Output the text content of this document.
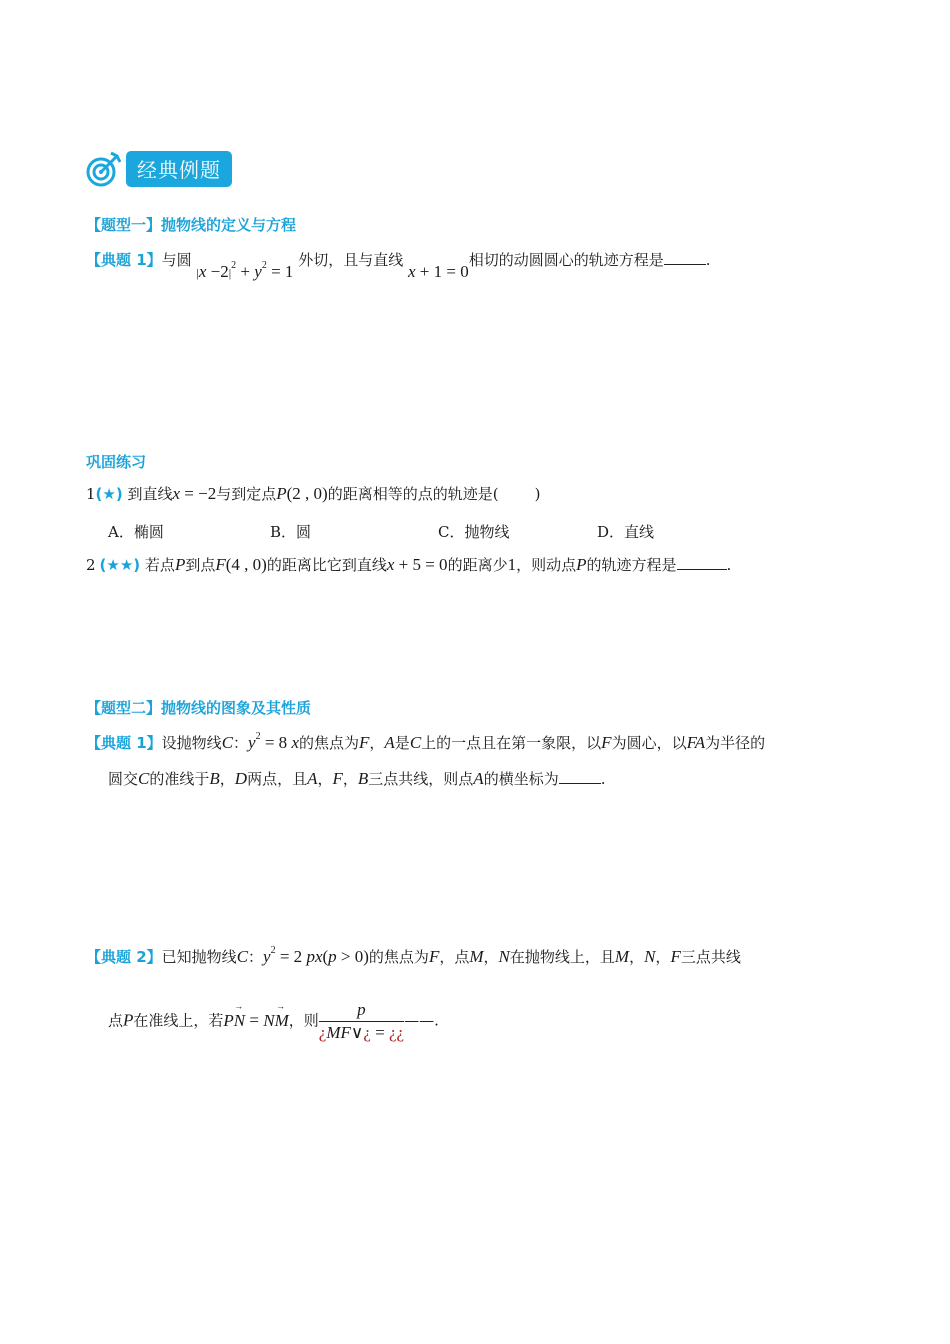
经典例题
【题型一】抛物线的定义与方程
【典题 1】与圆 $|x -2|^2 + y^2 = 1$ 外切，且与直线 x + 1 = 0相切的动圆圆心的轨迹方程是	.
巩固练习
1(★) 到直线x = −2与到定点P(2 , 0)的距离相等的点的轨迹是( )
A．椭圆	B．圆	C．抛物线	D．直线
2 (★★) 若点P到点F(4 , 0)的距离比它到直线x + 5 = 0的距离少1，则动点P的轨迹方程是	.
【题型二】抛物线的图象及其性质
【典题 1】设抛物线C：$y^2 = 8$ x的焦点为F，A是C上的一点且在第一象限，以F为圆心，以FA为半径的
圆交C的准线于B，D两点，且A，F，B三点共线，则点A的横坐标为	.
【典题 2】已知抛物线C：$y^2 = 2$ px(p > 0)的焦点为F，点M，N在抛物线上，且M，N，F三点共线
点P在准线上，若
→
PN =
→
NM，则 $\frac{p}{¿MF\vee¿ = ¿¿}$ ——.
